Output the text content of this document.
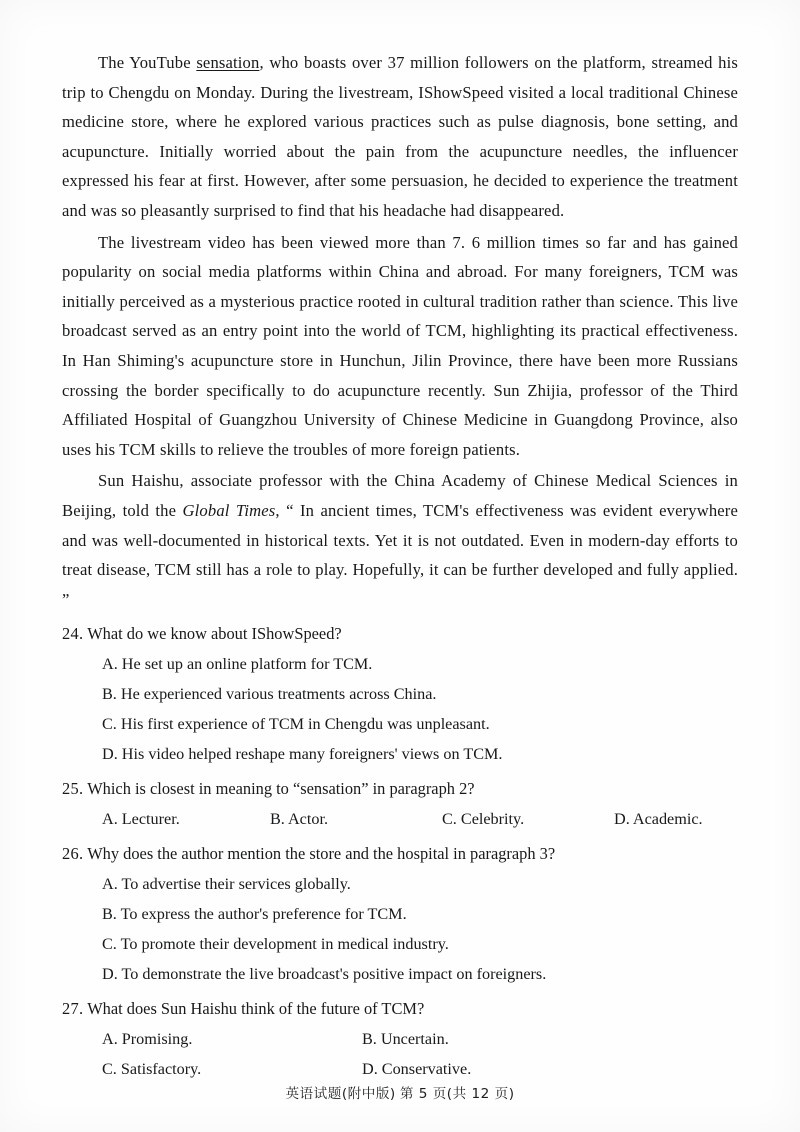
The YouTube sensation, who boasts over 37 million followers on the platform, streamed his trip to Chengdu on Monday. During the livestream, IShowSpeed visited a local traditional Chinese medicine store, where he explored various practices such as pulse diagnosis, bone setting, and acupuncture. Initially worried about the pain from the acupuncture needles, the influencer expressed his fear at first. However, after some persuasion, he decided to experience the treatment and was so pleasantly surprised to find that his headache had disappeared.

The livestream video has been viewed more than 7. 6 million times so far and has gained popularity on social media platforms within China and abroad. For many foreigners, TCM was initially perceived as a mysterious practice rooted in cultural tradition rather than science. This live broadcast served as an entry point into the world of TCM, highlighting its practical effectiveness. In Han Shiming's acupuncture store in Hunchun, Jilin Province, there have been more Russians crossing the border specifically to do acupuncture recently. Sun Zhijia, professor of the Third Affiliated Hospital of Guangzhou University of Chinese Medicine in Guangdong Province, also uses his TCM skills to relieve the troubles of more foreign patients.

Sun Haishu, associate professor with the China Academy of Chinese Medical Sciences in Beijing, told the Global Times, “ In ancient times, TCM's effectiveness was evident everywhere and was well-documented in historical texts. Yet it is not outdated. Even in modern-day efforts to treat disease, TCM still has a role to play. Hopefully, it can be further developed and fully applied. ”

24. What do we know about IShowSpeed?

A. He set up an online platform for TCM.

B. He experienced various treatments across China.

C. His first experience of TCM in Chengdu was unpleasant.

D. His video helped reshape many foreigners' views on TCM.

25. Which is closest in meaning to “sensation” in paragraph 2?

A. Lecturer.	B. Actor.	C. Celebrity.	D. Academic.

26. Why does the author mention the store and the hospital in paragraph 3?

A. To advertise their services globally.

B. To express the author's preference for TCM.

C. To promote their development in medical industry.

D. To demonstrate the live broadcast's positive impact on foreigners.

27. What does Sun Haishu think of the future of TCM?

A. Promising.	B. Uncertain.
C. Satisfactory.	D. Conservative.
英语试题(附中版) 第 5 页(共 12 页)
